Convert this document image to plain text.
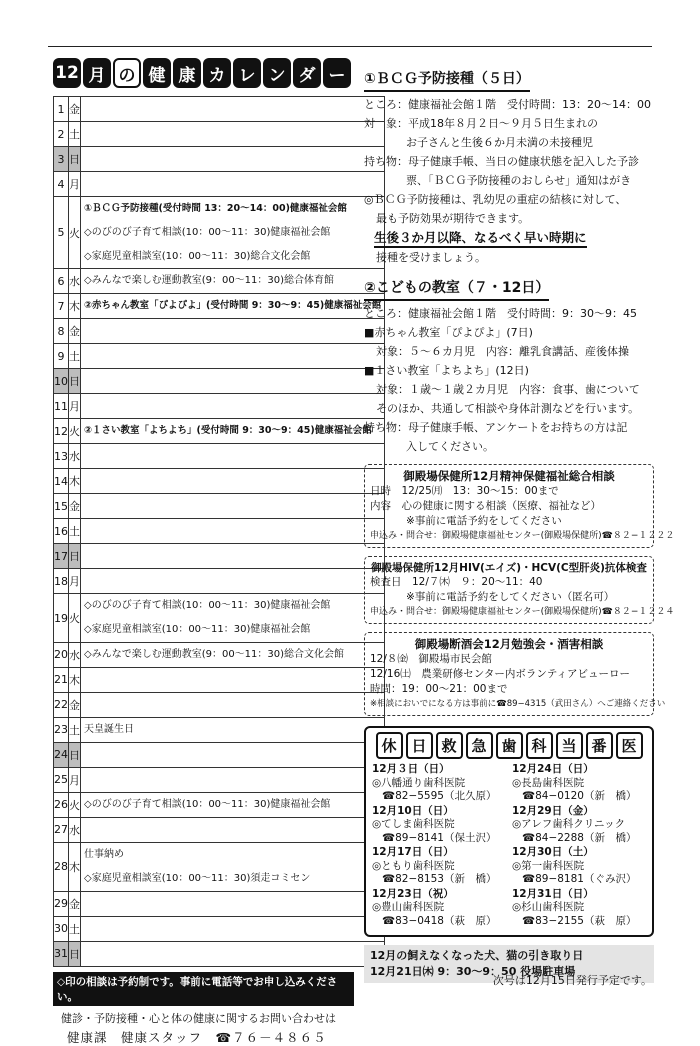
12 月 の 健 康 カ レ ン ダ ー
1	金	
2	土	
3	日	
4	月	
5	火	①ＢＣＧ予防接種(受付時間 13：20〜14：00)健康福祉会館
◇のびのび子育て相談(10：00〜11：30)健康福祉会館
◇家庭児童相談室(10：00〜11：30)総合文化会館

6	水	◇みんなで楽しむ運動教室(9：00〜11：30)総合体育館

7	木	②赤ちゃん教室「ぴよぴよ」(受付時間 9：30〜9：45)健康福祉会館

8	金	
9	土	
10	日	
11	月	
12	火	②１さい教室「よちよち」(受付時間 9：30〜9：45)健康福祉会館

13	水	
14	木	
15	金	
16	土	
17	日	
18	月	
19	火	◇のびのび子育て相談(10：00〜11：30)健康福祉会館
◇家庭児童相談室(10：00〜11：30)健康福祉会館

20	水	◇みんなで楽しむ運動教室(9：00〜11：30)総合文化会館

21	木	
22	金	
23	土	天皇誕生日

24	日	
25	月	
26	火	◇のびのび子育て相談(10：00〜11：30)健康福祉会館

27	水	
28	木	仕事納め
◇家庭児童相談室(10：00〜11：30)須走コミセン

29	金	
30	土	
31	日	
◇印の相談は予約制です。事前に電話等でお申し込みください。
健診・予防接種・心と体の健康に関するお問い合わせは
健康課　健康スタッフ　☎７６－４８６５
①ＢＣＧ予防接種（５日）
ところ：健康福祉会館１階　受付時間：13：20〜14：00
対　象：平成18年８月２日〜９月５日生まれの
お子さんと生後６か月未満の未接種児
持ち物：母子健康手帳、当日の健康状態を記入した予診
票、「ＢＣＧ予防接種のおしらせ」通知はがき
◎ＢＣＧ予防接種は、乳幼児の重症の結核に対して、
最も予防効果が期待できます。
生後３か月以降、なるべく早い時期に
接種を受けましょう。
②こどもの教室（７・12日）
ところ：健康福祉会館１階　受付時間：9：30〜9：45
■赤ちゃん教室「ぴよぴよ」(7日)
対象：５〜６カ月児　内容：離乳食講話、産後体操
■１さい教室「よちよち」(12日)
対象：１歳〜１歳２カ月児　内容：食事、歯について
そのほか、共通して相談や身体計測などを行います。
持ち物：母子健康手帳、アンケートをお持ちの方は記
入してください。
御殿場保健所12月精神保健福祉総合相談
日時　12/25㈪　13：30〜15：00まで
内容　心の健康に関する相談（医療、福祉など）
※事前に電話予約をしてください
申込み・問合せ：御殿場健康福祉センター(御殿場保健所)☎８２−１２２２
御殿場保健所12月HIV(エイズ)・HCV(C型肝炎)抗体検査
検査日　12/７㈭　９：20〜11：40
※事前に電話予約をしてください（匿名可）
申込み・問合せ：御殿場健康福祉センター(御殿場保健所)☎８２−１２２４
御殿場断酒会12月勉強会・酒害相談
12/８㈮　御殿場市民会館
12/16㈯　農業研修センター内ボランティアビューロー
時間：19：00〜21：00まで
※相談においでになる方は事前に☎89−4315（武田さん）へご連絡ください
休 日 救 急 歯 科 当 番 医
12月３日（日）
◎八幡通り歯科医院
☎82−5595（北久原）
12月24日（日）
◎長島歯科医院
☎84−0120（新　橋）
12月10日（日）
◎てしま歯科医院
☎89−8141（保土沢）
12月29日（金）
◎アレフ歯科クリニック
☎84−2288（新　橋）
12月17日（日）
◎ともり歯科医院
☎82−8153（新　橋）
12月30日（土）
◎第一歯科医院
☎89−8181（ぐみ沢）
12月23日（祝）
◎豊山歯科医院
☎83−0418（萩　原）
12月31日（日）
◎杉山歯科医院
☎83−2155（萩　原）
12月の飼えなくなった犬、猫の引き取り日
12月21日㈭ 9：30〜9：50 役場駐車場
次号は12月15日発行予定です。
